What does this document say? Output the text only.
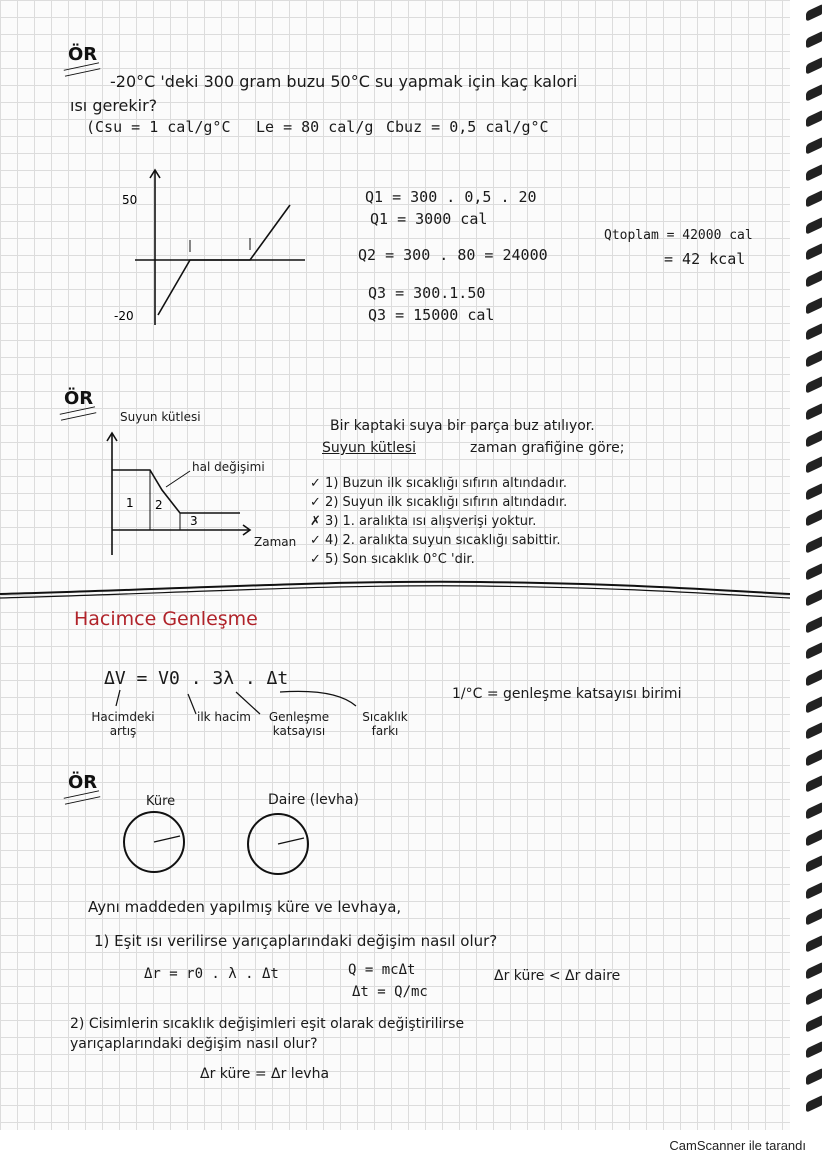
ÖR
-20°C 'deki 300 gram buzu 50°C su yapmak için kaç kalori
ısı gerekir?
(Csu = 1 cal/g°C Le = 80 cal/g Cbuz = 0,5 cal/g°C
50
-20
Q1 = 300 . 0,5 . 20
Q1 = 3000 cal
Q2 = 300 . 80 = 24000
Q3 = 300.1.50
Q3 = 15000 cal
Qtoplam = 42000 cal
= 42 kcal
ÖR
Suyun kütlesi
1 2
3
hal değişimi
Zaman
Bir kaptaki suya bir parça buz atılıyor.
Suyun kütlesi	zaman grafiğine göre;
✓ 1) Buzun ilk sıcaklığı sıfırın altındadır.
✓ 2) Suyun ilk sıcaklığı sıfırın altındadır.
✗ 3) 1. aralıkta ısı alışverişi yoktur.
✓ 4) 2. aralıkta suyun sıcaklığı sabittir.
✓ 5) Son sıcaklık 0°C 'dir.
Hacimce Genleşme
ΔV = V0 . 3λ . Δt
Hacimdeki artış
ilk hacim	Genleşme katsayısı
Sıcaklık farkı
1/°C = genleşme katsayısı birimi
ÖR
Küre	Daire (levha)
Aynı maddeden yapılmış küre ve levhaya,
1) Eşit ısı verilirse yarıçaplarındaki değişim nasıl olur?
Δr = r0 . λ . Δt	Q = mcΔt
Δt = Q/mc
Δr küre < Δr daire
2) Cisimlerin sıcaklık değişimleri eşit olarak değiştirilirse
yarıçaplarındaki değişim nasıl olur?
Δr küre = Δr levha
CamScanner ile tarandı
